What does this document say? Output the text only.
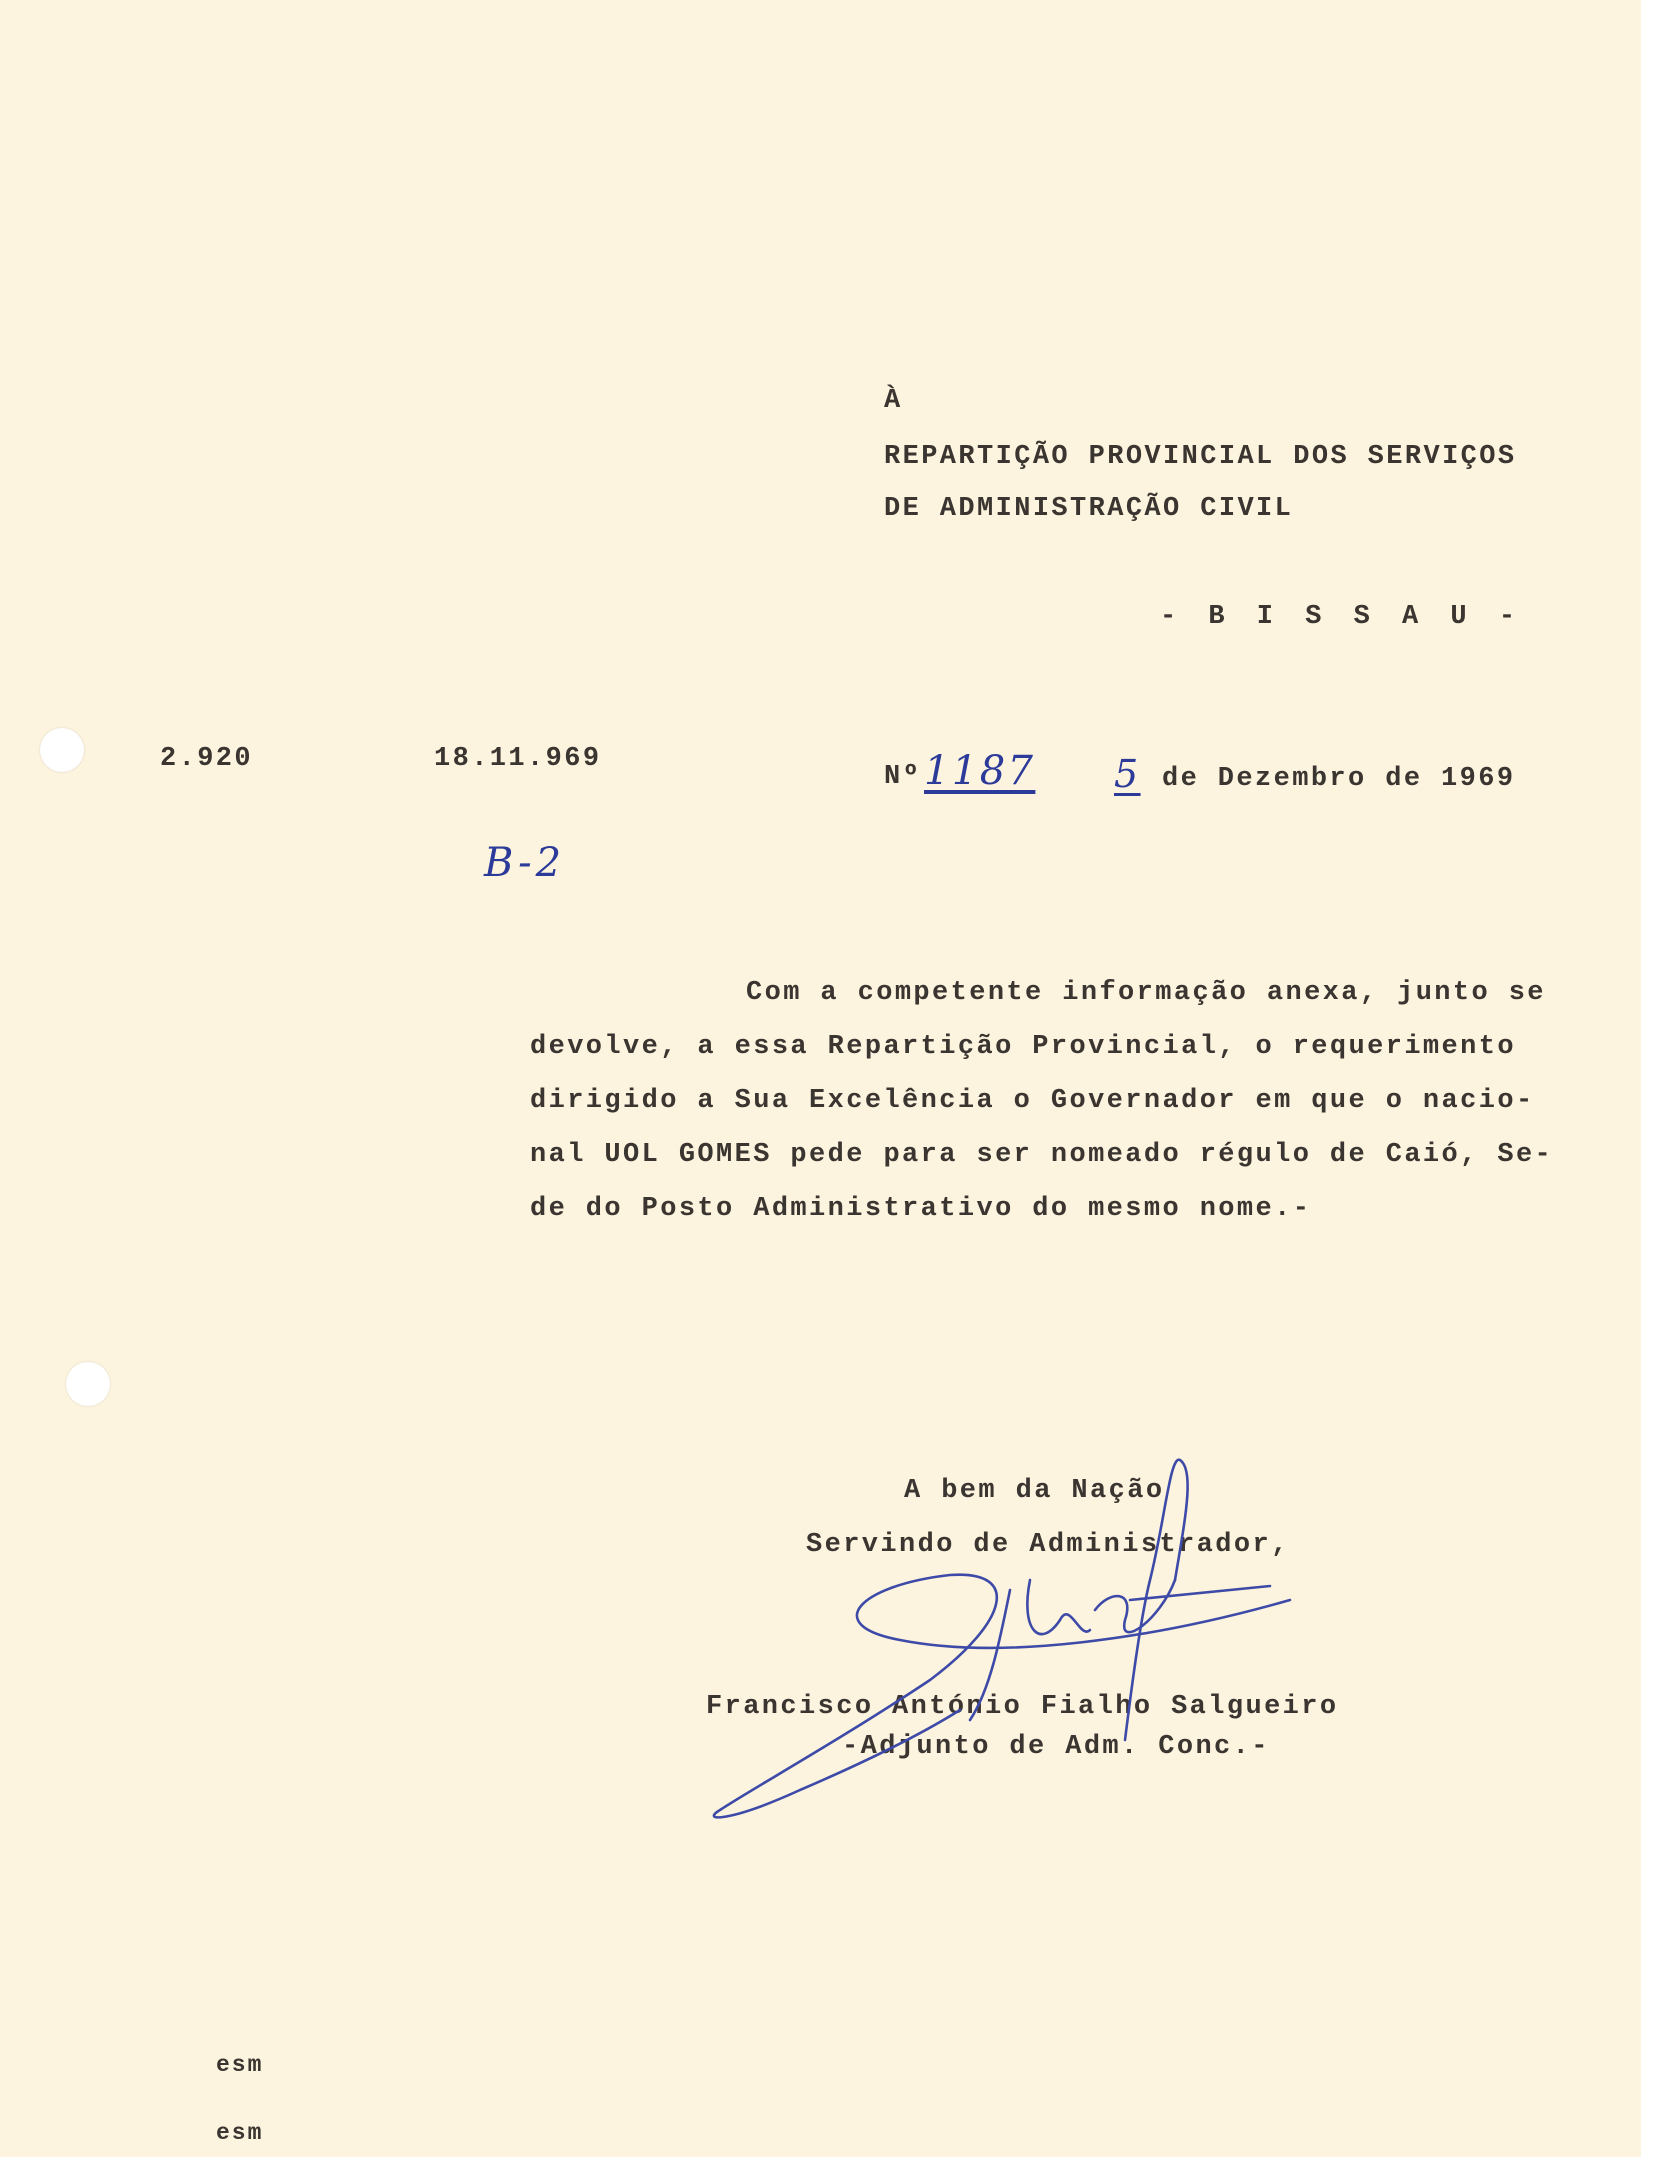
À
REPARTIÇÃO PROVINCIAL DOS SERVIÇOS
DE ADMINISTRAÇÃO CIVIL
- B I S S A U -
2.920	18.11.969
B-2
Nº 1187	5 de Dezembro de 1969
Com a competente informação anexa, junto se
devolve, a essa Repartição Provincial, o requerimento
dirigido a Sua Excelência o Governador em que o nacio-
nal UOL GOMES pede para ser nomeado régulo de Caió, Se-
de do Posto Administrativo do mesmo nome.-
A bem da Nação
Servindo de Administrador,
Francisco António Fialho Salgueiro
-Adjunto de Adm. Conc.-
esm
esm
